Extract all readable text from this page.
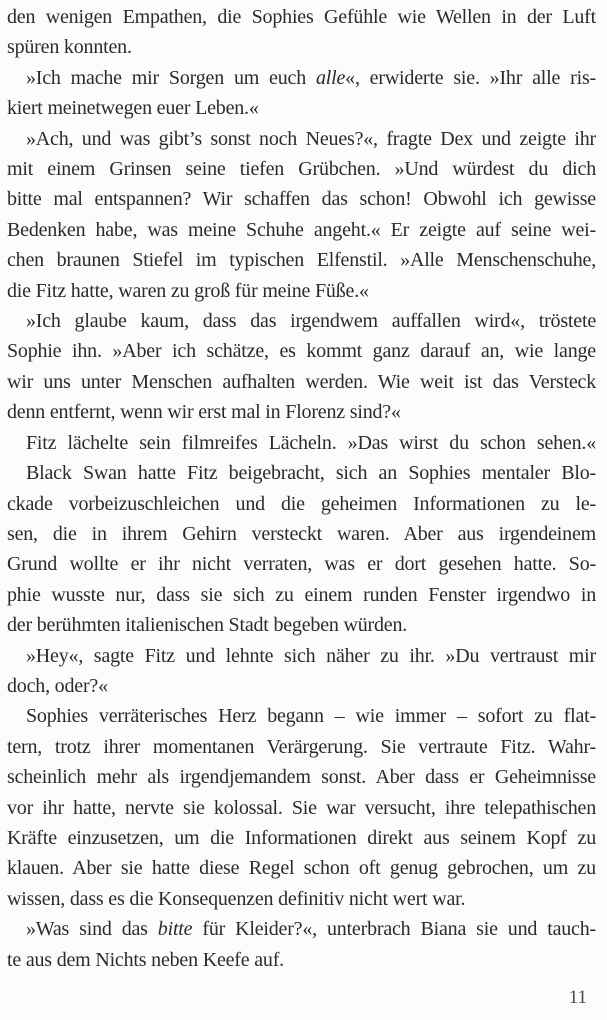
den wenigen Empathen, die Sophies Gefühle wie Wellen in der Luft
spüren konnten.
»Ich mache mir Sorgen um euch alle«, erwiderte sie. »Ihr alle ris-
kiert meinetwegen euer Leben.«
»Ach, und was gibt’s sonst noch Neues?«, fragte Dex und zeigte ihr
mit einem Grinsen seine tiefen Grübchen. »Und würdest du dich
bitte mal entspannen? Wir schaffen das schon! Obwohl ich gewisse
Bedenken habe, was meine Schuhe angeht.« Er zeigte auf seine wei-
chen braunen Stiefel im typischen Elfenstil. »Alle Menschenschuhe,
die Fitz hatte, waren zu groß für meine Füße.«
»Ich glaube kaum, dass das irgendwem auffallen wird«, tröstete
Sophie ihn. »Aber ich schätze, es kommt ganz darauf an, wie lange
wir uns unter Menschen aufhalten werden. Wie weit ist das Versteck
denn entfernt, wenn wir erst mal in Florenz sind?«
Fitz lächelte sein filmreifes Lächeln. »Das wirst du schon sehen.«
Black Swan hatte Fitz beigebracht, sich an Sophies mentaler Blo-
ckade vorbeizuschleichen und die geheimen Informationen zu le-
sen, die in ihrem Gehirn versteckt waren. Aber aus irgendeinem
Grund wollte er ihr nicht verraten, was er dort gesehen hatte. So-
phie wusste nur, dass sie sich zu einem runden Fenster irgendwo in
der berühmten italienischen Stadt begeben würden.
»Hey«, sagte Fitz und lehnte sich näher zu ihr. »Du vertraust mir
doch, oder?«
Sophies verräterisches Herz begann – wie immer – sofort zu flat-
tern, trotz ihrer momentanen Verärgerung. Sie vertraute Fitz. Wahr-
scheinlich mehr als irgendjemandem sonst. Aber dass er Geheimnisse
vor ihr hatte, nervte sie kolossal. Sie war versucht, ihre telepathischen
Kräfte einzusetzen, um die Informationen direkt aus seinem Kopf zu
klauen. Aber sie hatte diese Regel schon oft genug gebrochen, um zu
wissen, dass es die Konsequenzen definitiv nicht wert war.
»Was sind das bitte für Kleider?«, unterbrach Biana sie und tauch-
te aus dem Nichts neben Keefe auf.
11
